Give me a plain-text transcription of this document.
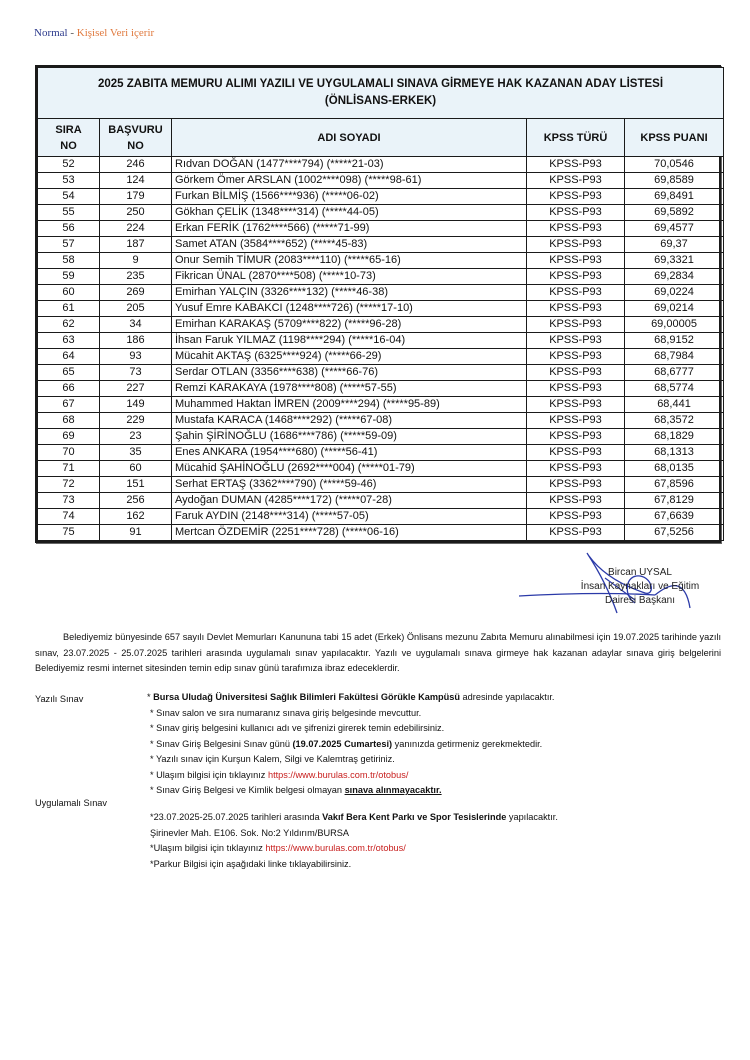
Normal - Kişisel Veri içerir
2025 ZABITA MEMURU ALIMI YAZILI VE UYGULAMALI SINAVA GİRMEYE HAK KAZANAN ADAY LİSTESİ
(ÖNLİSANS-ERKEK)				

SIRA
NO

BAŞVURU
NO
	ADI SOYADI	KPSS TÜRÜ	KPSS PUANI
52	246	Rıdvan DOĞAN (1477****794) (*****21-03)	KPSS-P93	70,0546
53	124	Görkem Ömer ARSLAN (1002****098) (*****98-61)	KPSS-P93	69,8589
54	179	Furkan BİLMİŞ (1566****936) (*****06-02)	KPSS-P93	69,8491
55	250	Gökhan ÇELİK (1348****314) (*****44-05)	KPSS-P93	69,5892
56	224	Erkan FERİK (1762****566) (*****71-99)	KPSS-P93	69,4577
57	187	Samet ATAN (3584****652) (*****45-83)	KPSS-P93	69,37
58	9	Onur Semih TİMUR (2083****110) (*****65-16)	KPSS-P93	69,3321
59	235	Fikrican ÜNAL (2870****508) (*****10-73)	KPSS-P93	69,2834
60	269	Emirhan YALÇIN (3326****132) (*****46-38)	KPSS-P93	69,0224
61	205	Yusuf Emre KABAKCI (1248****726) (*****17-10)	KPSS-P93	69,0214
62	34	Emirhan KARAKAŞ (5709****822) (*****96-28)	KPSS-P93	69,00005
63	186	İhsan Faruk YILMAZ (1198****294) (*****16-04)	KPSS-P93	68,9152
64	93	Mücahit AKTAŞ (6325****924) (*****66-29)	KPSS-P93	68,7984
65	73	Serdar OTLAN (3356****638) (*****66-76)	KPSS-P93	68,6777
66	227	Remzi KARAKAYA (1978****808) (*****57-55)	KPSS-P93	68,5774
67	149	Muhammed Haktan İMREN (2009****294) (*****95-89)	KPSS-P93	68,441
68	229	Mustafa KARACA (1468****292) (*****67-08)	KPSS-P93	68,3572
69	23	Şahin ŞİRİNOĞLU (1686****786) (*****59-09)	KPSS-P93	68,1829
70	35	Enes ANKARA (1954****680) (*****56-41)	KPSS-P93	68,1313
71	60	Mücahid ŞAHİNOĞLU (2692****004) (*****01-79)	KPSS-P93	68,0135
72	151	Serhat ERTAŞ (3362****790) (*****59-46)	KPSS-P93	67,8596
73	256	Aydoğan DUMAN (4285****172) (*****07-28)	KPSS-P93	67,8129
74	162	Faruk AYDIN (2148****314) (*****57-05)	KPSS-P93	67,6639
75	91	Mertcan ÖZDEMİR (2251****728) (*****06-16)	KPSS-P93	67,5256
Bircan UYSAL
İnsan Kaynakları ve Eğitim
Dairesi Başkanı
Belediyemiz bünyesinde 657 sayılı Devlet Memurları Kanununa tabi 15 adet (Erkek) Önlisans mezunu Zabıta Memuru alınabilmesi için 19.07.2025 tarihinde yazılı sınav, 23.07.2025 - 25.07.2025 tarihleri arasında uygulamalı sınav yapılacaktır. Yazılı ve uygulamalı sınava girmeye hak kazanan adaylar sınava giriş belgelerini Belediyemiz resmi internet sitesinden temin edip sınav günü tarafımıza ibraz edeceklerdir.
Yazılı Sınav	* Bursa Uludağ Üniversitesi Sağlık Bilimleri Fakültesi Görükle Kampüsü adresinde yapılacaktır.
* Sınav salon ve sıra numaranız sınava giriş belgesinde mevcuttur.
* Sınav giriş belgesini kullanıcı adı ve şifrenizi girerek temin edebilirsiniz.
* Sınav Giriş Belgesini Sınav günü (19.07.2025 Cumartesi) yanınızda getirmeniz gerekmektedir.
* Yazılı sınav için Kurşun Kalem, Silgi ve Kalemtraş getiriniz.
* Ulaşım bilgisi için tıklayınız https://www.burulas.com.tr/otobus/
* Sınav Giriş Belgesi ve Kimlik belgesi olmayan sınava alınmayacaktır.
Uygulamalı Sınav
*23.07.2025-25.07.2025 tarihleri arasında Vakıf Bera Kent Parkı ve Spor Tesislerinde yapılacaktır.
Şirinevler Mah. E106. Sok. No:2 Yıldırım/BURSA
*Ulaşım bilgisi için tıklayınız https://www.burulas.com.tr/otobus/
*Parkur Bilgisi için aşağıdaki linke tıklayabilirsiniz.
